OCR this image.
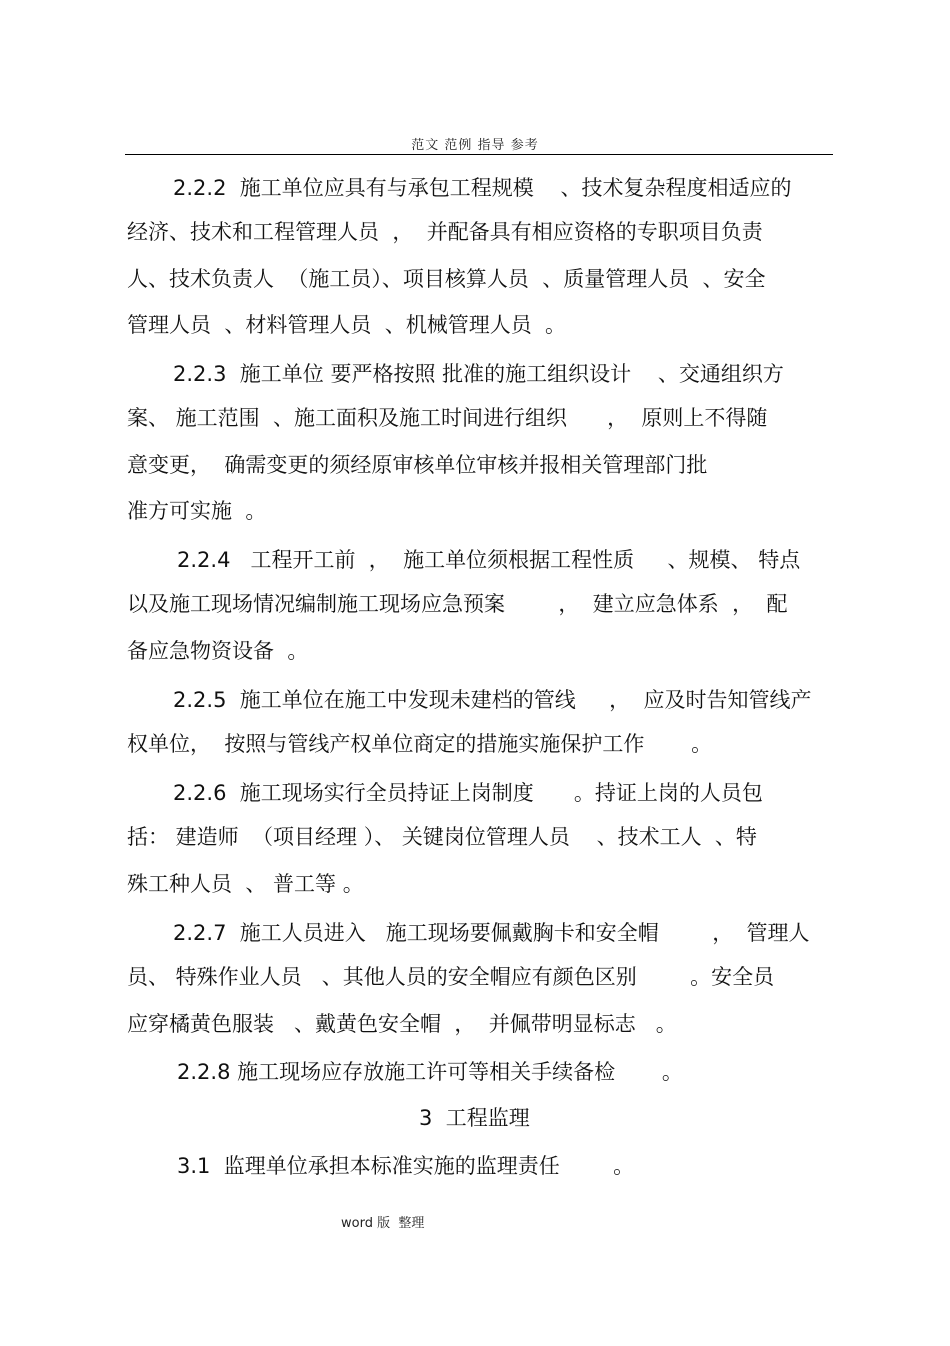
范文 范例 指导 参考
2.2.2  施工单位应具有与承包工程规模    、技术复杂程度相适应的
经济、技术和工程管理人员  ，  并配备具有相应资格的专职项目负责
人、技术负责人  （施工员）、项目核算人员  、质量管理人员  、安全
管理人员  、材料管理人员  、机械管理人员  。
2.2.3  施工单位 要严格按照 批准的施工组织设计    、交通组织方
案、 施工范围  、施工面积及施工时间进行组织      ，  原则上不得随
意变更，  确需变更的须经原审核单位审核并报相关管理部门批
准方可实施  。
2.2.4   工程开工前  ，  施工单位须根据工程性质     、规模、 特点
以及施工现场情况编制施工现场应急预案        ，  建立应急体系  ，  配
备应急物资设备  。
2.2.5  施工单位在施工中发现未建档的管线     ，  应及时告知管线产
权单位，  按照与管线产权单位商定的措施实施保护工作       。
2.2.6  施工现场实行全员持证上岗制度      。持证上岗的人员包
括： 建造师  （项目经理 ）、 关键岗位管理人员    、技术工人  、特
殊工种人员  、 普工等 。
2.2.7  施工人员进入   施工现场要佩戴胸卡和安全帽        ，  管理人
员、 特殊作业人员   、其他人员的安全帽应有颜色区别        。安全员
应穿橘黄色服装   、戴黄色安全帽  ，  并佩带明显标志   。
2.2.8 施工现场应存放施工许可等相关手续备检       。
3  工程监理
3.1  监理单位承担本标准实施的监理责任        。
word 版  整理
